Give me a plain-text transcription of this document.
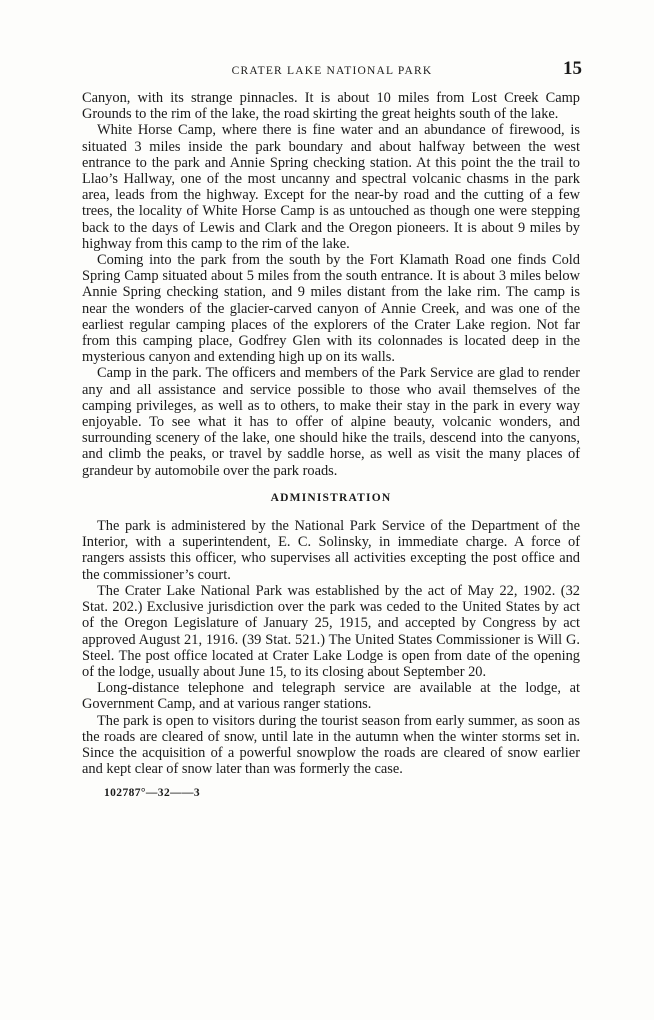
CRATER LAKE NATIONAL PARK	15

Canyon, with its strange pinnacles. It is about 10 miles from Lost Creek Camp Grounds to the rim of the lake, the road skirting the great heights south of the lake.

White Horse Camp, where there is fine water and an abundance of firewood, is situated 3 miles inside the park boundary and about halfway between the west entrance to the park and Annie Spring checking station. At this point the the trail to Llao’s Hallway, one of the most uncanny and spectral volcanic chasms in the park area, leads from the highway. Except for the near-by road and the cutting of a few trees, the locality of White Horse Camp is as untouched as though one were stepping back to the days of Lewis and Clark and the Oregon pioneers. It is about 9 miles by highway from this camp to the rim of the lake.

Coming into the park from the south by the Fort Klamath Road one finds Cold Spring Camp situated about 5 miles from the south entrance. It is about 3 miles below Annie Spring checking station, and 9 miles distant from the lake rim. The camp is near the wonders of the glacier-carved canyon of Annie Creek, and was one of the earliest regular camping places of the explorers of the Crater Lake region. Not far from this camping place, Godfrey Glen with its colonnades is located deep in the mysterious canyon and extending high up on its walls.

Camp in the park. The officers and members of the Park Service are glad to render any and all assistance and service possible to those who avail themselves of the camping privileges, as well as to others, to make their stay in the park in every way enjoyable. To see what it has to offer of alpine beauty, volcanic wonders, and surrounding scenery of the lake, one should hike the trails, descend into the canyons, and climb the peaks, or travel by saddle horse, as well as visit the many places of grandeur by automobile over the park roads.

ADMINISTRATION

The park is administered by the National Park Service of the Department of the Interior, with a superintendent, E. C. Solinsky, in immediate charge. A force of rangers assists this officer, who supervises all activities excepting the post office and the commissioner’s court.

The Crater Lake National Park was established by the act of May 22, 1902. (32 Stat. 202.) Exclusive jurisdiction over the park was ceded to the United States by act of the Oregon Legislature of January 25, 1915, and accepted by Congress by act approved August 21, 1916. (39 Stat. 521.) The United States Commissioner is Will G. Steel. The post office located at Crater Lake Lodge is open from date of the opening of the lodge, usually about June 15, to its closing about September 20.

Long-distance telephone and telegraph service are available at the lodge, at Government Camp, and at various ranger stations.

The park is open to visitors during the tourist season from early summer, as soon as the roads are cleared of snow, until late in the autumn when the winter storms set in. Since the acquisition of a powerful snowplow the roads are cleared of snow earlier and kept clear of snow later than was formerly the case.

102787°—32——3
